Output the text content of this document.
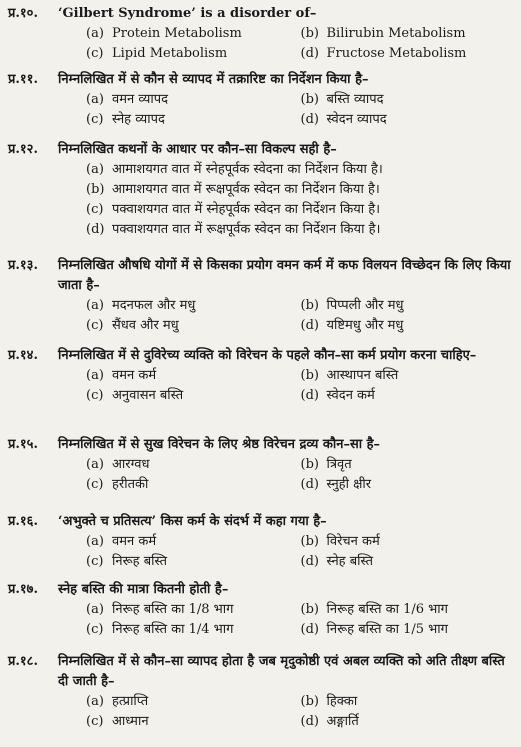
प्र.१०. ‘Gilbert Syndrome’ is a disorder of–
(a) Protein Metabolism	(b) Bilirubin Metabolism
(c) Lipid Metabolism	(d) Fructose Metabolism
प्र.११. निम्नलिखित में से कौन से व्यापद में तक्रारिष्ट का निर्देशन किया है–
(a) वमन व्यापद	(b) बस्ति व्यापद
(c) स्नेह व्यापद	(d) स्वेदन व्यापद
प्र.१२. निम्नलिखित कथनों के आधार पर कौन–सा विकल्प सही है–
(a) आमाशयगत वात में स्नेहपूर्वक स्वेदना का निर्देशन किया है।
(b) आमाशयगत वात में रूक्षपूर्वक स्वेदन का निर्देशन किया है।
(c) पक्वाशयगत वात में स्नेहपूर्वक स्वेदन का निर्देशन किया है।
(d) पक्वाशयगत वात में रूक्षपूर्वक स्वेदन का निर्देशन किया है।
प्र.१३. निम्नलिखित औषधि योगों में से किसका प्रयोग वमन कर्म में कफ विलयन विच्छेदन कि लिए किया जाता है–
(a) मदनफल और मधु	(b) पिप्पली और मधु
(c) सैंधव और मधु	(d) यष्टिमधु और मधु
प्र.१४. निम्नलिखित में से दुविरेच्य व्यक्ति को विरेचन के पहले कौन–सा कर्म प्रयोग करना चाहिए–
(a) वमन कर्म	(b) आस्थापन बस्ति
(c) अनुवासन बस्ति	(d) स्वेदन कर्म
प्र.१५. निम्नलिखित में से सुख विरेचन के लिए श्रेष्ठ विरेचन द्रव्य कौन–सा है–
(a) आरग्वध	(b) त्रिवृत
(c) हरीतकी	(d) स्नुही क्षीर
प्र.१६. ‘अभुक्ते च प्रतिसत्य’ किस कर्म के संदर्भ में कहा गया है–
(a) वमन कर्म	(b) विरेचन कर्म
(c) निरूह बस्ति	(d) स्नेह बस्ति
प्र.१७. स्नेह बस्ति की मात्रा कितनी होती है–
(a) निरूह बस्ति का 1/8 भाग	(b) निरूह बस्ति का 1/6 भाग
(c) निरूह बस्ति का 1/4 भाग	(d) निरूह बस्ति का 1/5 भाग
प्र.१८. निम्नलिखित में से कौन–सा व्यापद होता है जब मृदुकोष्ठी एवं अबल व्यक्ति को अति तीक्ष्ण बस्ति दी जाती है–
(a) हत्प्राप्ति	(b) हिक्का
(c) आध्मान	(d) अङ्गार्ति
